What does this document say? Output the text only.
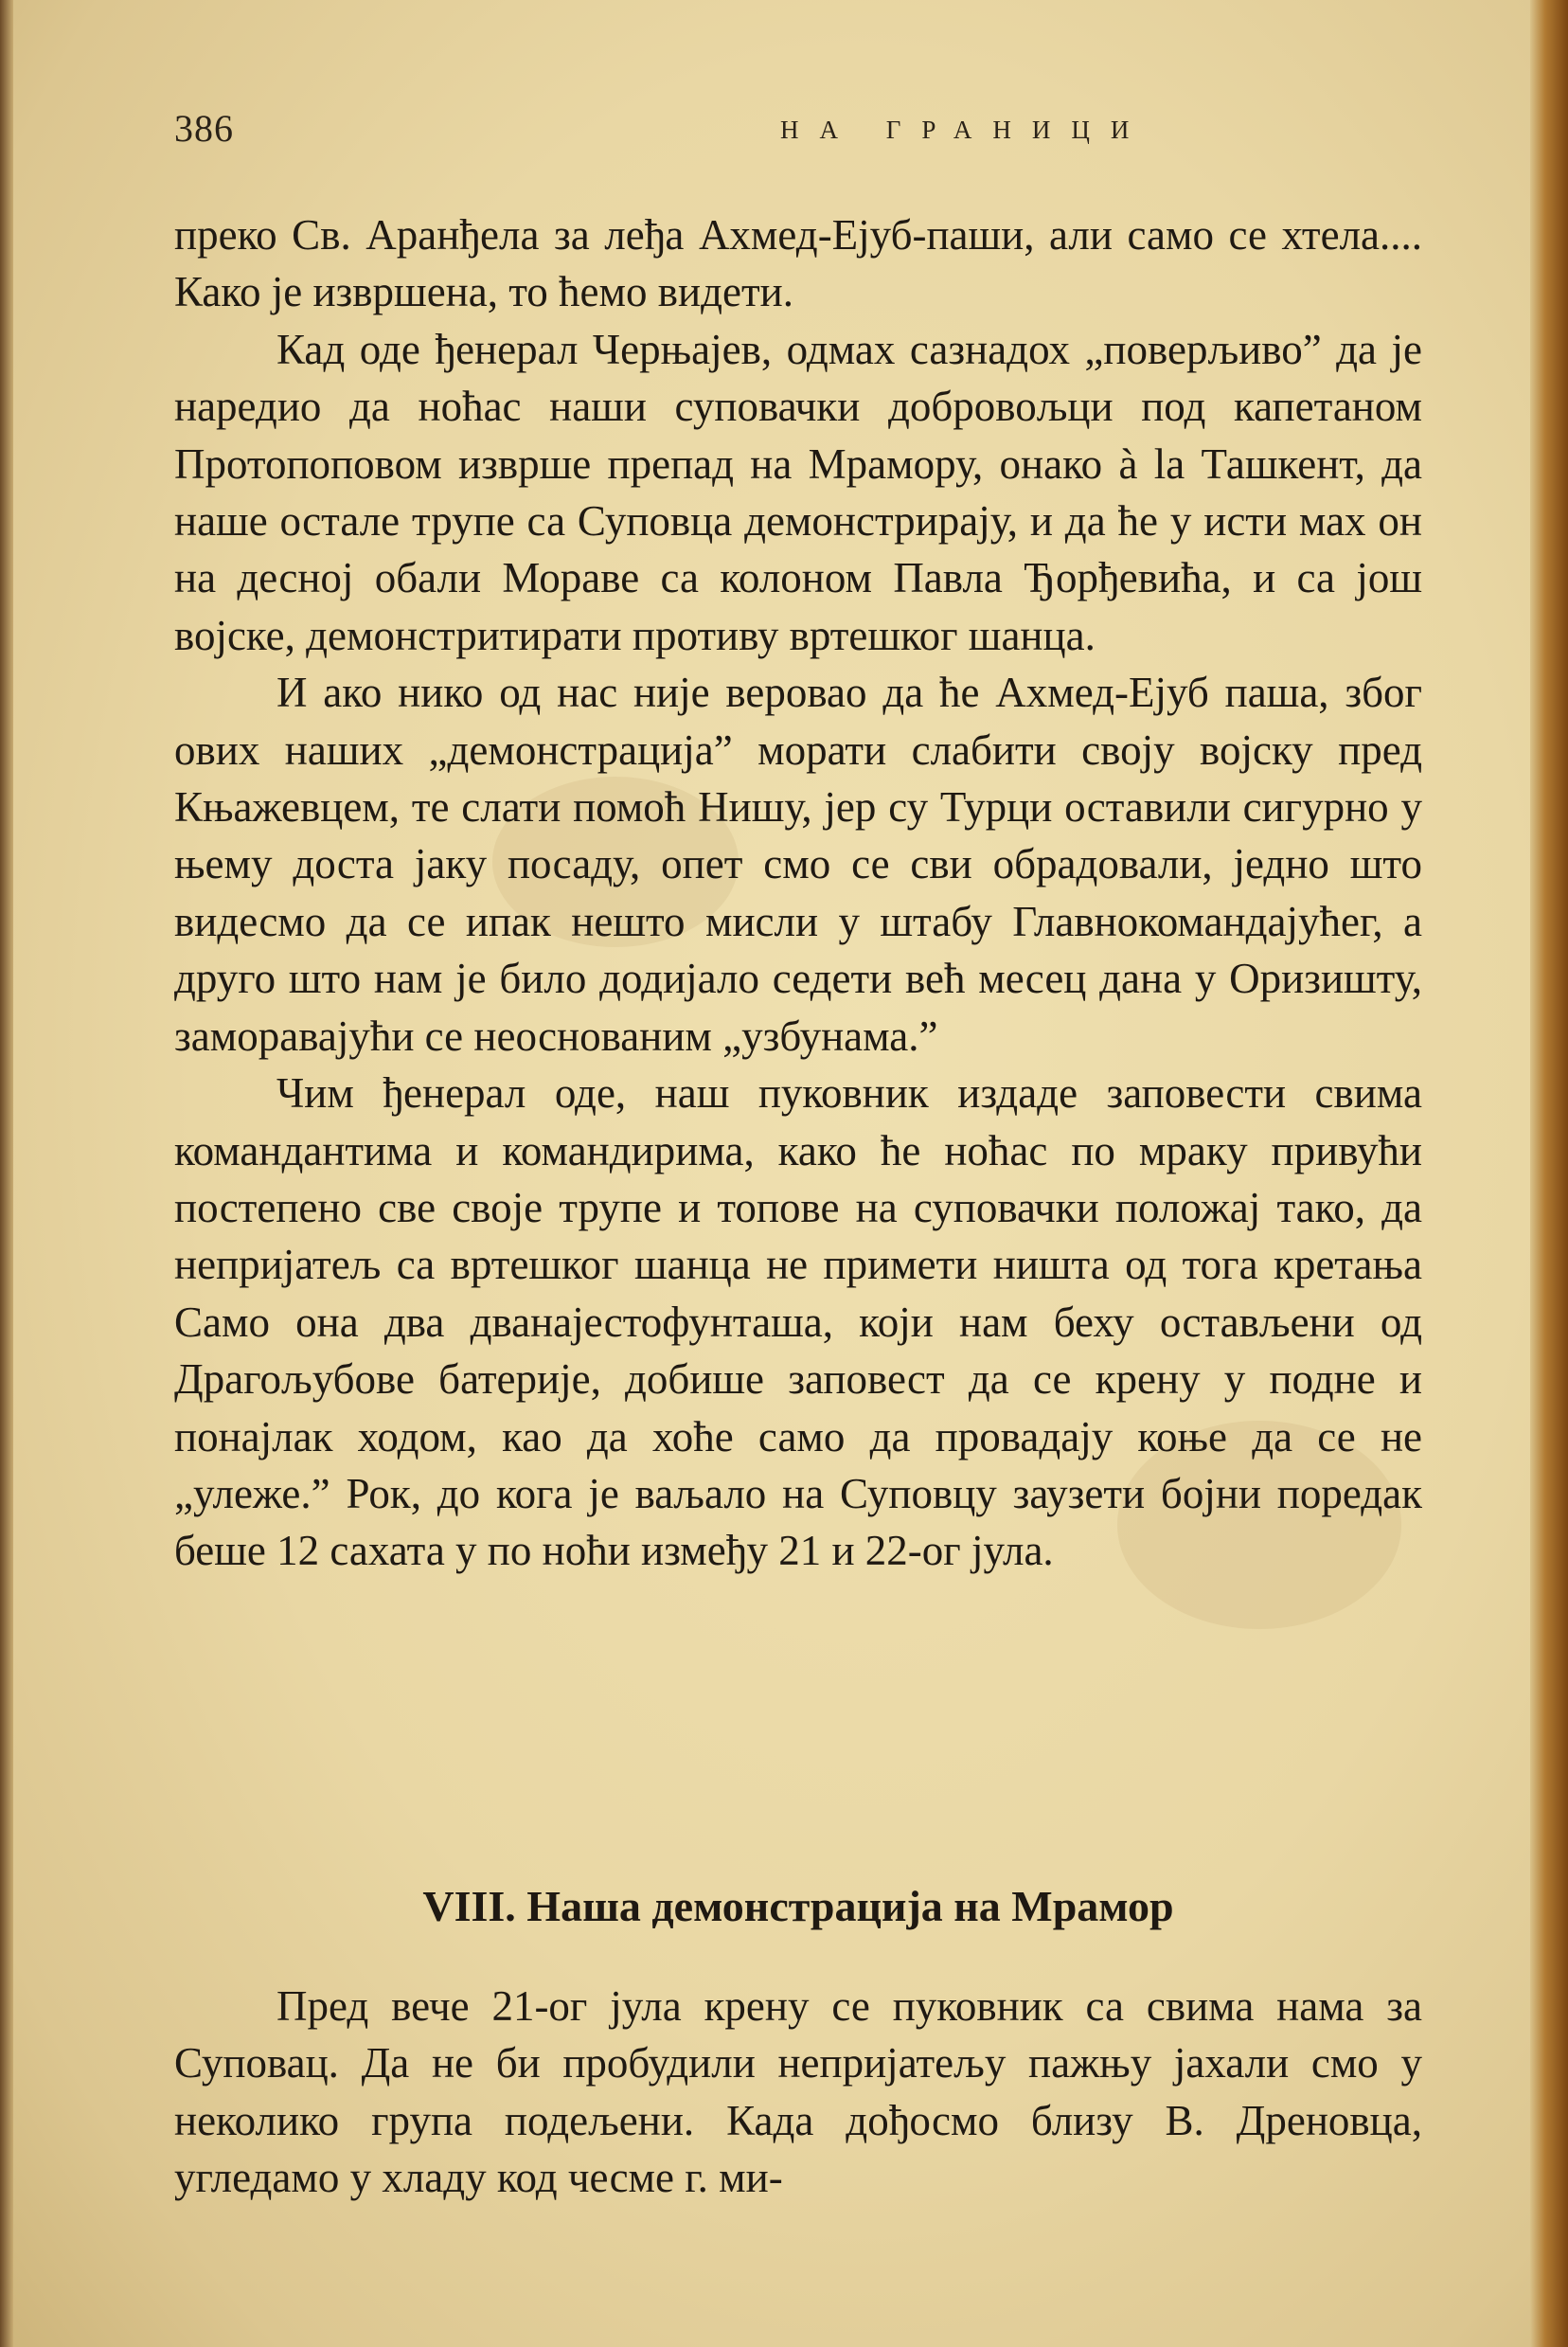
386	НА ГРАНИЦИ

преко Св. Аранђела за леђа Ахмед-Ејуб-паши, али само се хтела.... Како је извршена, то ћемо видети.

Кад оде ђенерал Черњајев, одмах сазнадох „поверљиво” да је наредио да ноћас наши суповачки добровољци под капетаном Протопоповом изврше препад на Мрамору, онако à la Ташкент, да наше остале трупе са Суповца демонстрирају, и да ће у исти мах он на десној обали Мораве са колоном Павла Ђорђевића, и са још војске, демонстритирати противу вртешког шанца.

И ако нико од нас није веровао да ће Ахмед-Ејуб паша, због ових наших „демонстрација” морати слабити своју војску пред Књажевцем, те слати помоћ Нишу, јер су Турци оставили сигурно у њему доста јаку посаду, опет смо се сви обрадовали, једно што видесмо да се ипак нешто мисли у штабу Главнокомандајућег, а друго што нам је било додијало седети већ месец дана у Оризишту, заморавајући се неоснованим „узбунама.”

Чим ђенерал оде, наш пуковник издаде заповести свима командантима и командирима, како ће ноћас по мраку привући постепено све своје трупе и топове на суповачки положај тако, да непријатељ са вртешког шанца не примети ништа од тога кретања Само она два дванајестофунташа, који нам беху остављени од Драгољубове батерије, добише заповест да се крену у подне и понајлак ходом, као да хоће само да провадају коње да се не „улеже.” Рок, до кога је ваљало на Суповцу заузети бојни поредак беше 12 сахата у по ноћи између 21 и 22-ог јула.

VIII. Наша демонстрација на Мрамор

Пред вече 21-ог јула крену се пуковник са свима нама за Суповац. Да не би пробудили непријатељу пажњу јахали смо у неколико група подељени. Када дођосмо близу В. Дреновца, угледамо у хладу код чесме г. ми-
